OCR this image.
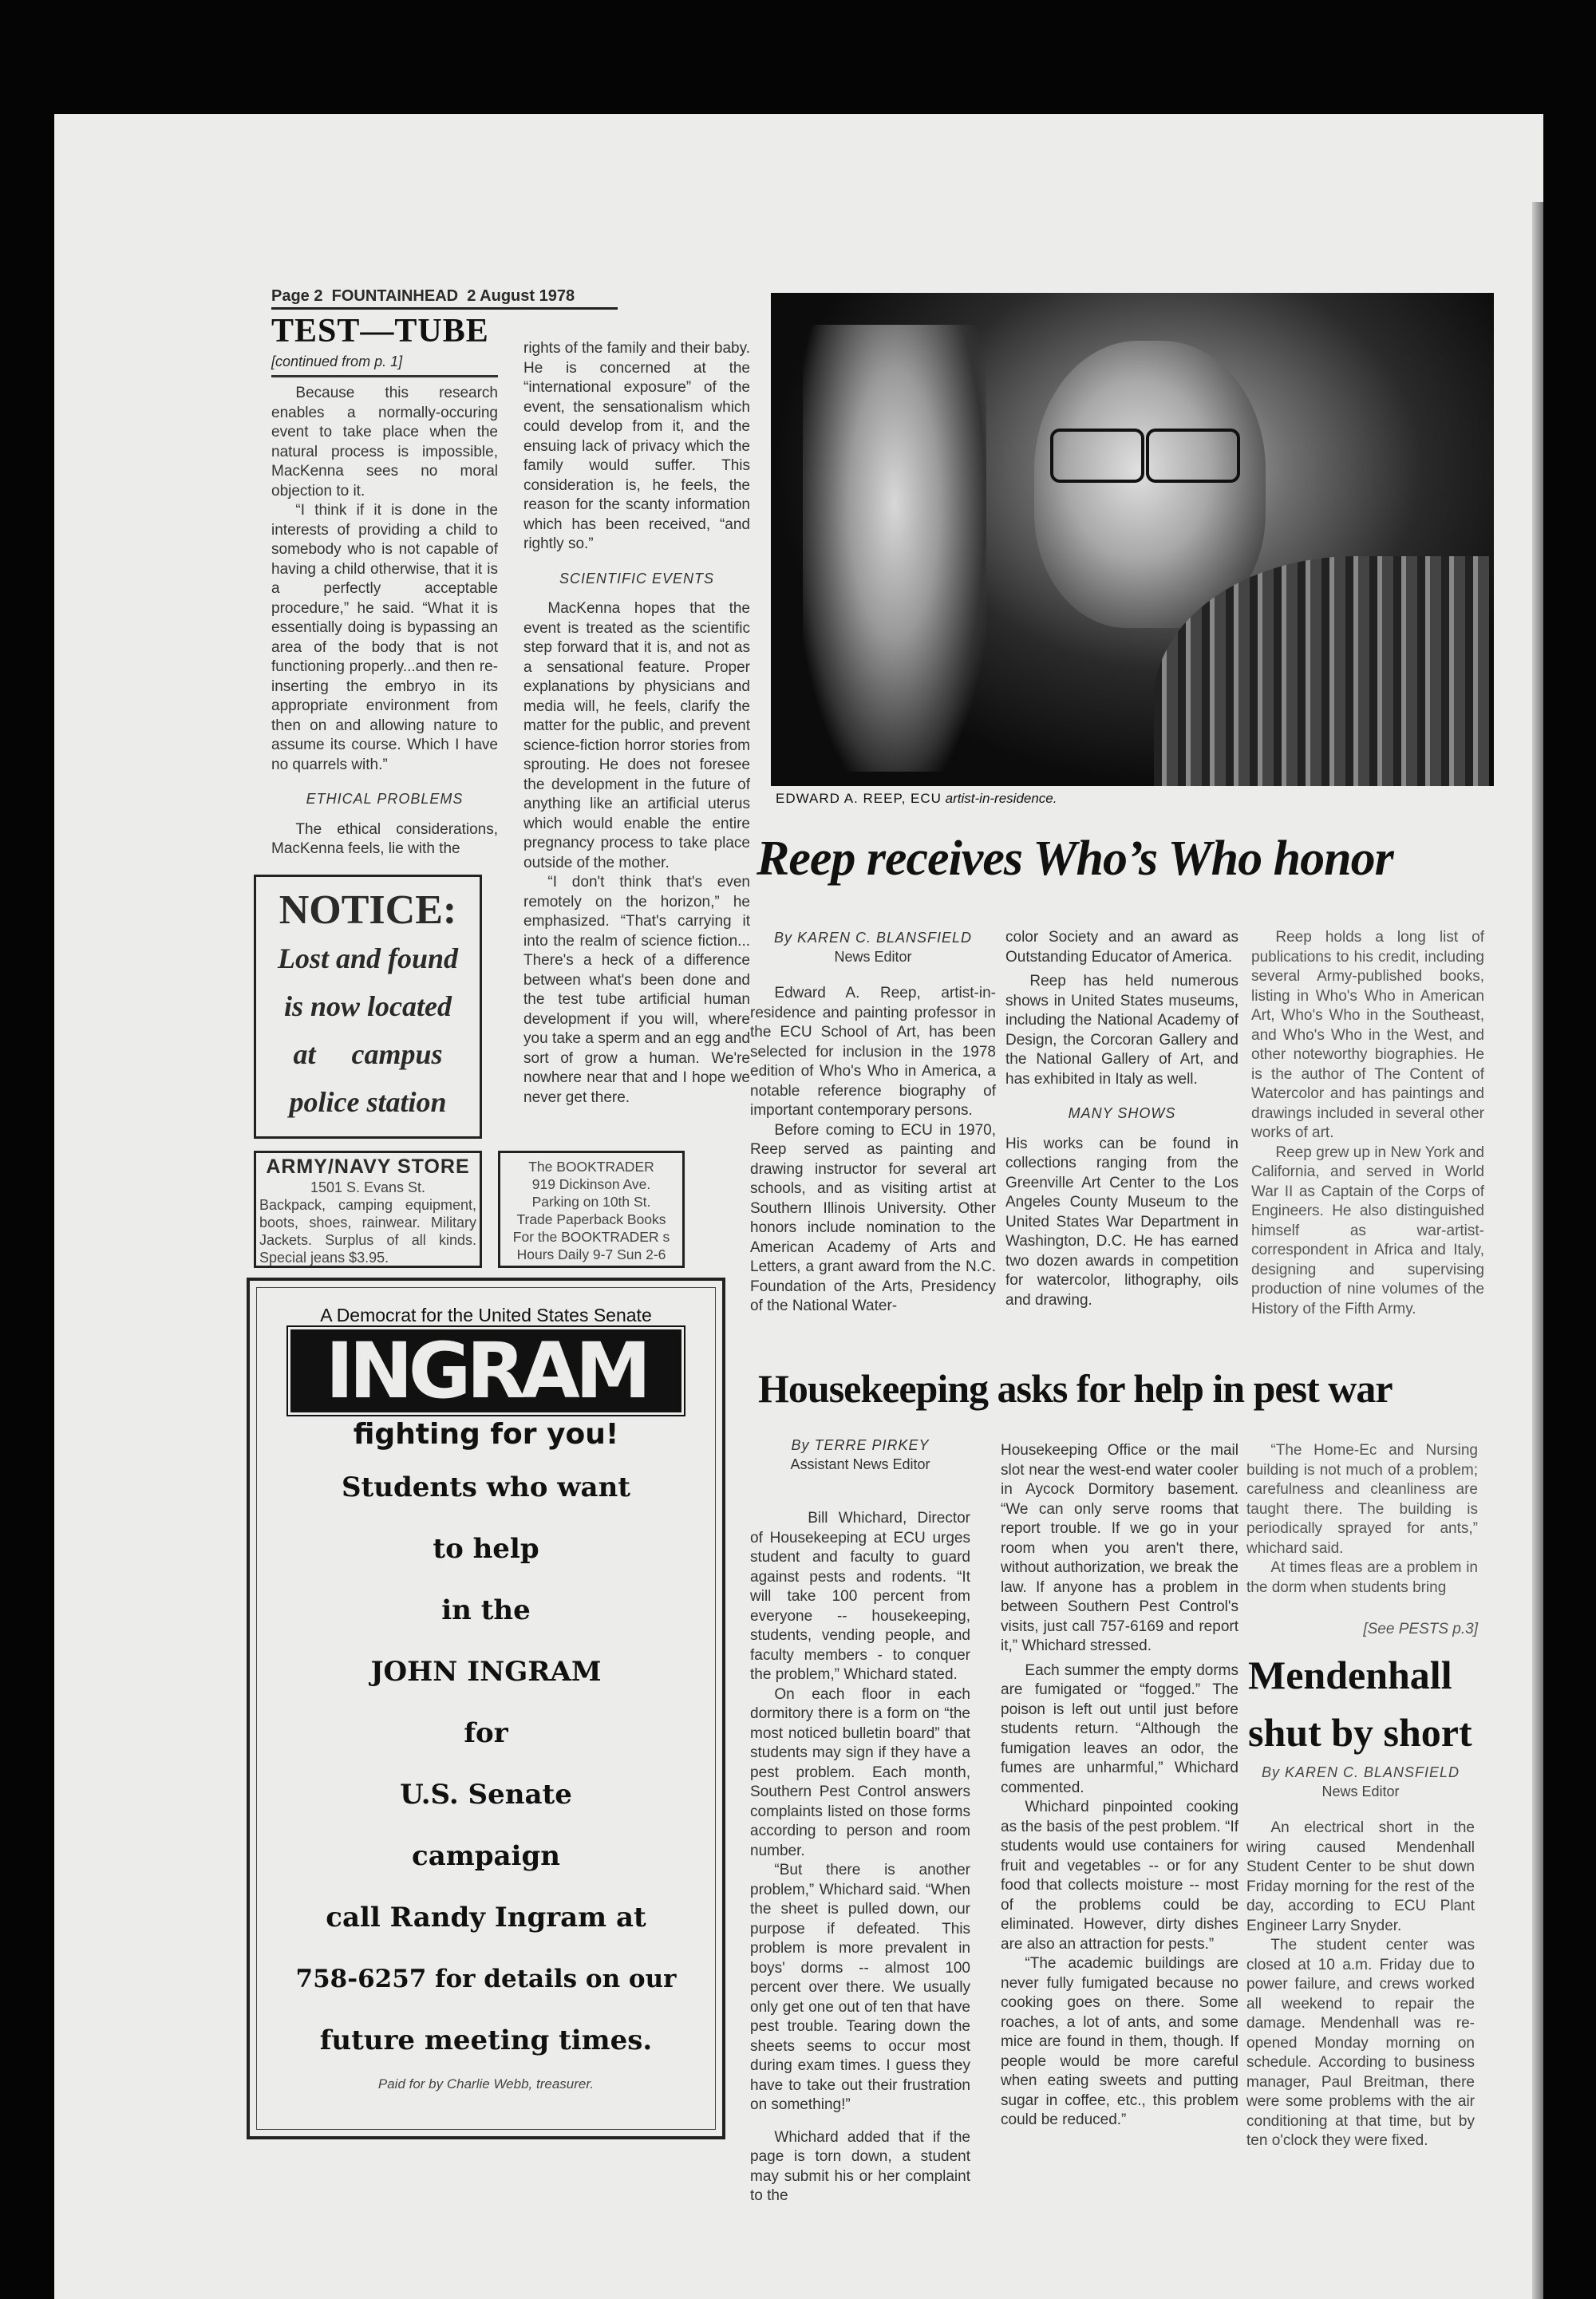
Page 2  FOUNTAINHEAD  2 August 1978
TEST—TUBE
[continued from p. 1]

Because this research enables a normally-occuring event to take place when the natural process is impossible, MacKenna sees no moral objection to it.

“I think if it is done in the interests of providing a child to somebody who is not capable of having a child otherwise, that it is a perfectly acceptable procedure,” he said. “What it is essentially doing is bypassing an area of the body that is not functioning properly...and then re-inserting the embryo in its appropriate environment from then on and allowing nature to assume its course. Which I have no quarrels with.”

ETHICAL PROBLEMS

The ethical considerations, MacKenna feels, lie with the

rights of the family and their baby. He is concerned at the “international exposure” of the event, the sensationalism which could develop from it, and the ensuing lack of privacy which the family would suffer. This consideration is, he feels, the reason for the scanty information which has been received, “and rightly so.”

SCIENTIFIC EVENTS

MacKenna hopes that the event is treated as the scientific step forward that it is, and not as a sensational feature. Proper explanations by physicians and media will, he feels, clarify the matter for the public, and prevent science-fiction horror stories from sprouting. He does not foresee the development in the future of anything like an artificial uterus which would enable the entire pregnancy process to take place outside of the mother.

“I don't think that's even remotely on the horizon,” he emphasized. “That's carrying it into the realm of science fiction... There's a heck of a difference between what's been done and the test tube artificial human development if you will, where you take a sperm and an egg and sort of grow a human. We're nowhere near that and I hope we never get there.

NOTICE:
Lost and found
is now located
at     campus
police station
ARMY/NAVY STORE
1501 S. Evans St.
Backpack, camping equipment, boots, shoes, rainwear. Military Jackets. Surplus of all kinds. Special jeans $3.95.
The BOOKTRADER
919 Dickinson Ave.
Parking on 10th St.
Trade Paperback Books
For the BOOKTRADER s
Hours Daily 9-7 Sun 2-6
A Democrat for the United States Senate
INGRAM
fighting for you!
Students who want
to help
in the
JOHN INGRAM
for
U.S. Senate
campaign
call Randy Ingram at
758-6257 for details on our
future meeting times.
Paid for by Charlie Webb, treasurer.
EDWARD A. REEP, ECU artist-in-residence.
Reep receives Who’s Who honor
By KAREN C. BLANSFIELD
News Editor

Edward A. Reep, artist-in-residence and painting professor in the ECU School of Art, has been selected for inclusion in the 1978 edition of Who's Who in America, a notable reference biography of important contemporary persons.

Before coming to ECU in 1970, Reep served as painting and drawing instructor for several art schools, and as visiting artist at Southern Illinois University. Other honors include nomination to the American Academy of Arts and Letters, a grant award from the N.C. Foundation of the Arts, Presidency of the National Water-

color Society and an award as Outstanding Educator of America.

Reep has held numerous shows in United States museums, including the National Academy of Design, the Corcoran Gallery and the National Gallery of Art, and has exhibited in Italy as well.

MANY SHOWS

His works can be found in collections ranging from the Greenville Art Center to the Los Angeles County Museum to the United States War Department in Washington, D.C. He has earned two dozen awards in competition for watercolor, lithography, oils and drawing.

Reep holds a long list of publications to his credit, including several Army-published books, listing in Who's Who in American Art, Who's Who in the Southeast, and Who's Who in the West, and other noteworthy biographies. He is the author of The Content of Watercolor and has paintings and drawings included in several other works of art.

Reep grew up in New York and California, and served in World War II as Captain of the Corps of Engineers. He also distinguished himself as war-artist-correspondent in Africa and Italy, designing and supervising production of nine volumes of the History of the Fifth Army.

Housekeeping asks for help in pest war
By TERRE PIRKEY
Assistant News Editor

Bill Whichard, Director of Housekeeping at ECU urges student and faculty to guard against pests and rodents. “It will take 100 percent from everyone -- housekeeping, students, vending people, and faculty members - to conquer the problem,” Whichard stated.

On each floor in each dormitory there is a form on “the most noticed bulletin board” that students may sign if they have a pest problem. Each month, Southern Pest Control answers complaints listed on those forms according to person and room number.

“But there is another problem,” Whichard said. “When the sheet is pulled down, our purpose if defeated. This problem is more prevalent in boys' dorms -- almost 100 percent over there. We usually only get one out of ten that have pest trouble. Tearing down the sheets seems to occur most during exam times. I guess they have to take out their frustration on something!”

Whichard added that if the page is torn down, a student may submit his or her complaint to the

Housekeeping Office or the mail slot near the west-end water cooler in Aycock Dormitory basement. “We can only serve rooms that report trouble. If we go in your room when you aren't there, without authorization, we break the law. If anyone has a problem in between Southern Pest Control's visits, just call 757-6169 and report it,” Whichard stressed.

Each summer the empty dorms are fumigated or “fogged.” The poison is left out until just before students return. “Although the fumigation leaves an odor, the fumes are unharmful,” Whichard commented.

Whichard pinpointed cooking as the basis of the pest problem. “If students would use containers for fruit and vegetables -- or for any food that collects moisture -- most of the problems could be eliminated. However, dirty dishes are also an attraction for pests.”

“The academic buildings are never fully fumigated because no cooking goes on there. Some roaches, a lot of ants, and some mice are found in them, though. If people would be more careful when eating sweets and putting sugar in coffee, etc., this problem could be reduced.”

“The Home-Ec and Nursing building is not much of a problem; carefulness and cleanliness are taught there. The building is periodically sprayed for ants,” whichard said.

At times fleas are a problem in the dorm when students bring

[See PESTS p.3]
Mendenhall
shut by short
By KAREN C. BLANSFIELD
News Editor

An electrical short in the wiring caused Mendenhall Student Center to be shut down Friday morning for the rest of the day, according to ECU Plant Engineer Larry Snyder.

The student center was closed at 10 a.m. Friday due to power failure, and crews worked all weekend to repair the damage. Mendenhall was re-opened Monday morning on schedule. According to business manager, Paul Breitman, there were some problems with the air conditioning at that time, but by ten o'clock they were fixed.
